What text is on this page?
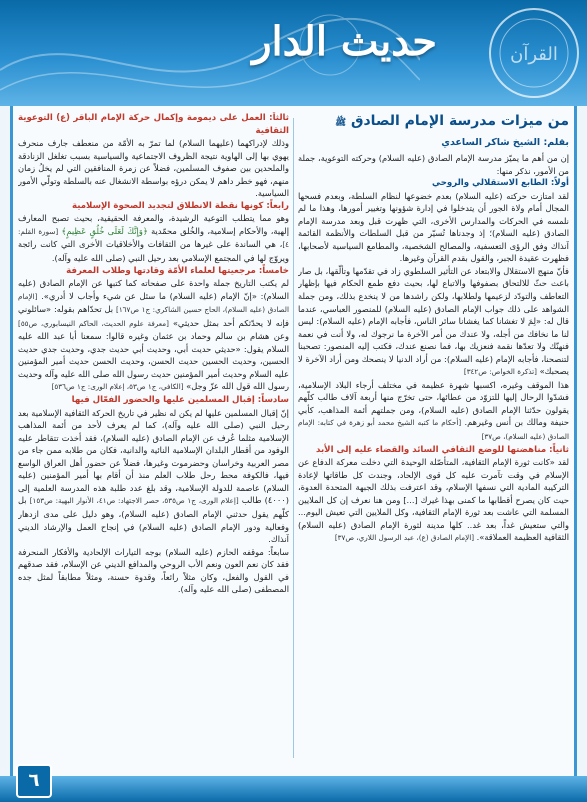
حديث الدار	القرآن
من ميزات مدرسة الإمام الصادق ﷺ
بقلم: الشيخ شاكر الساعدي

إن من أهم ما يميّز مدرسة الإمام الصادق (عليه السلام) وحركته التوعوية، جملة من الأمور، نذكر منها:

أولاً: الطابع الاستقلالي والروحي

لقد امتازت حركته (عليه السلام) بعدم خضوعها لنظام السلطة، وبعدم فسحها المجال أمام ولاة الجور أن يتدخلوا في إدارة شؤونها وتغيير أمورها، وهذا ما لم نلمسه في الحركات والمدارس الأخرى، التي ظهرت قبل وبعد مدرسة الإمام الصادق (عليه السلام)؛ إذ وجدناها تُسيّر من قبل السلطات والأنظمة القائمة آنذاك وفق الرؤى التعسفية، والمصالح الشخصية، والمطامع السياسية لأصحابها، فظهرت عقيدة الجبر، والقول بقدم القرآن وغيرها.

فأنّ منهج الاستقلال والابتعاد عن التأثير السلطوي زاد في تقدّمها وتألّقها، بل صار باعث حثّ للالتحاق بصفوفها والاتباع لها، بحيث دفع طمع الحكام فيها بإظهار التعاطف والتودّد لزعيمها ولطلابها، ولكن راشدها من لا ينخدع بذلك، ومن جملة الشواهد على ذلك جواب الإمام الصادق (عليه السلام) للمنصور العباسي، عندما قال له: «لِمَ لا تغشانا كما يغشانا سائر الناس، فأجابه الإمام (عليه السلام): ليس لنا ما نخافك من أجله، ولا عندك من أمر الآخرة ما نرجوك له، ولا أنت في نعمة فنهنّك ولا تعدّها نقمة فنعزيك بها، فما نصنع عندك، فكتب إليه المنصور: تصحبنا لتنصحنا، فأجابه الإمام (عليه السلام): من أراد الدنيا لا ينصحك ومن أراد الآخرة لا يصحبك» [تذكرة الخواص: ص٣٤٢]

هذا الموقف وغيره، اكسبها شهرة عظيمة في مختلف أرجاء البلاد الإسلامية، فشدّوا الرحال إليها للتزوّد من عطائها، حتى تخرّج منها أربعة آلاف طالب كلّهم يقولون حدّثنا الإمام الصادق (عليه السلام)، ومن جملتهم أئمة المذاهب، كأبي حنيفة ومالك بن أنس وغيرهم. [أحكام ما كتبه الشيخ محمد أبو زهرة في كتابه: الإمام الصادق (عليه السلام)، ص٣٧]

ثانياً: مناهضتها للوضع الثقافي السائد والقضاء عليه إلى الأبد

لقد «كانت ثورة الإمام الثقافية، المتأصّلة الوحيدة التي دخلت معركة الدفاع عن الإسلام في وقت تآمرت عليه كل قوى الإلحاد، وجندت كل طاقاتها لإعادة التركيبة المادية التي نسفها الإسلام، وقد اعترفت بذلك الجبهة المتحدة العدوة، حيث كان يصرح أقطابها ما كمنى بهذا غيرك [...] ومن هنا نعرف إن كل الملايين المسلمة التي عاشت بعد ثورة الإمام الثقافية، وكل الملايين التي تعيش اليوم... والتي ستعيش غداً، بعد غد.. كلها مدينة لثورة الإمام الصادق (عليه السلام) الثقافية العظيمة العملاقة». [الإمام الصادق (ع)، عبد الرسول اللاري، ص٣٧]

ثالثاً: العمل على ديمومة وإكمال حركة الإمام الباقر (ع) التوعوية الثقافية

وذلك لإدراكهما (عليهما السلام) لما تمرّ به الأمّة من منعطف جارف منحرف يهوي بها إلى الهاوية نتيجة الظروف الاجتماعية والسياسية بسبب تغلغل الزنادقة والملحدين بين صفوف المسلمين، فضلاً عن زمرة المنافقين التي لم يخلُ زمان منهم، فهو خطر داهم لا يمكن درؤه بواسطة الانشغال عنه بالسلطة وتولّي الأمور السياسية.

رابعاً: كونها نقطة الانطلاق لتجديد الصحوة الإسلامية

وهو مما يتطلب التوعية الرشيدة، والمعرفة الحقيقية، بحيث تصبح المعارف إلهية، والأحكام إسلامية، والخُلق محمّدية ﴿وَإِنَّكَ لَعَلَى خُلُقٍ عَظِيمٍ﴾ [سورة القلم: ٤]، هي الساندة على غيرها من الثقافات والأخلاقيات الأخرى التي كانت رائجة ويروّج لها في المجتمع الإسلامي بعد رحيل النبي (صلى الله عليه وآله).

خامساً: مرجعيتها لعلماء الأمّة وقادتها وطلاب المعرفة

لم يكتب التاريخ جملة واحدة على صفحاته كما كتبها عن الإمام الصادق (عليه السلام): «إنّ الإمام (عليه السلام) ما سئل عن شيء وأجاب لا أدري». [الإمام الصادق (عليه السلام)، الحاج حسين الشاكري: ج١ ص١٦٧] بل تحدّاهم بقوله: «سائلوني فإنه لا يحدّثكم أحد بمثل حديثي» [معرفة علوم الحديث، الحاكم النيسابوري، ص٥٥] وعن هشام بن سالم وحماد بن عثمان وغيره قالوا: سمعنا أبا عبد الله عليه السلام يقول: «حديثي حديث أبي، وحديث أبي حديث جدي، وحديث جدي حديث الحسين، وحديث الحسين حديث الحسن، وحديث الحسن حديث أمير المؤمنين عليه السلام وحديث أمير المؤمنين حديث رسول الله صلى الله عليه وآله وحديث رسول الله قول الله عزّ وجل» [الكافي، ج١ ص٥٣، إعلام الورى: ج١ ص٥٣٦]

سادساً: إقبال المسلمين عليها والحضور الفعّال فيها

إنّ إقبال المسلمين عليها لم يكن له نظير في تاريخ الحركة الثقافية الإسلامية بعد رحيل النبي (صلى الله عليه وآله)، كما لم يعرف لأحد من أئمة المذاهب الإسلامية مثلما عُرف عن الإمام الصادق (عليه السلام)، فقد أخذت تتقاطر عليه الوفود من أقطار البلدان الإسلامية النائية والدانية، فكان من طلابه ممن جاء من مصر العربية وخراسان وحضرموت وغيرها، فضلاً عن حضور أهل العراق الواسع فيها، فالكوفة محط رحل طلاب العلم منذ أن أقام بها أمير المؤمنين (عليه السلام) عاصمة للدولة الإسلامية، وقد بلغ عدد طلبة هذه المدرسة العلمية إلى (٤٠٠٠) طالب [إعلام الورى، ج١ ص٥٣٥، حصر الاجتهاد: ص٤١، الأنوار البهية: ص١٥٣] بل كلّهم يقول حدثني الإمام الصادق (عليه السلام)، وهو دليل على مدى ازدهار وفعالية ودور الإمام الصادق (عليه السلام) في إنجاح العمل والإرشاد الديني آنذاك.

سابعاً: موقفه الحازم (عليه السلام) بوجه التيارات الإلحادية والأفكار المنحرفة فقد كان نعم العون ونعم الأب الروحي والمدافع الديني عن الإسلام، فقد صدقهم في القول والفعل، وكان مثلاً رائعاً، وقدوة حسنة، ومثلاً مطابقاً لمثل جده المصطفى (صلى الله عليه وآله).

٦
